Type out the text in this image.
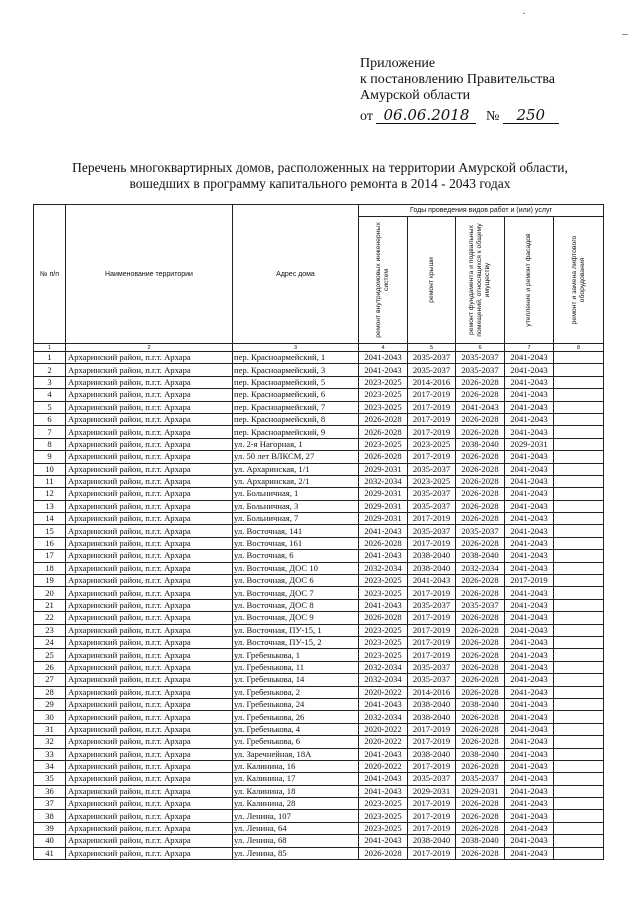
·
–
Приложение
к постановлению Правительства
Амурской области
от 06.06.2018 № 250
Перечень многоквартирных домов, расположенных на территории Амурской области,
вошедших в программу капитального ремонта в 2014 - 2043 годах
№ п/п	Наименование территории	Адрес дома	Годы проведения видов работ и (или) услуг				

			ремонт внутридомовых инженерных систем	ремонт крыши	ремонт фундамента и подвальных помещений, относящихся к общему имуществу	утепление и ремонт фасадов	ремонт и замена лифтового оборудования

1	2	3	4	5	6	7	8
1	Архаринский район, п.г.т. Архара	пер. Красноармейский, 1	2041-2043	2035-2037	2035-2037	2041-2043	
2	Архаринский район, п.г.т. Архара	пер. Красноармейский, 3	2041-2043	2035-2037	2035-2037	2041-2043	
3	Архаринский район, п.г.т. Архара	пер. Красноармейский, 5	2023-2025	2014-2016	2026-2028	2041-2043	
4	Архаринский район, п.г.т. Архара	пер. Красноармейский, 6	2023-2025	2017-2019	2026-2028	2041-2043	
5	Архаринский район, п.г.т. Архара	пер. Красноармейский, 7	2023-2025	2017-2019	2041-2043	2041-2043	
6	Архаринский район, п.г.т. Архара	пер. Красноармейский, 8	2026-2028	2017-2019	2026-2028	2041-2043	
7	Архаринский район, п.г.т. Архара	пер. Красноармейский, 9	2026-2028	2017-2019	2026-2028	2041-2043	
8	Архаринский район, п.г.т. Архара	ул. 2-я Нагорная, 1	2023-2025	2023-2025	2038-2040	2029-2031	
9	Архаринский район, п.г.т. Архара	ул. 50 лет ВЛКСМ, 27	2026-2028	2017-2019	2026-2028	2041-2043	
10	Архаринский район, п.г.т. Архара	ул. Архаринская, 1/1	2029-2031	2035-2037	2026-2028	2041-2043	
11	Архаринский район, п.г.т. Архара	ул. Архаринская, 2/1	2032-2034	2023-2025	2026-2028	2041-2043	
12	Архаринский район, п.г.т. Архара	ул. Больничная, 1	2029-2031	2035-2037	2026-2028	2041-2043	
13	Архаринский район, п.г.т. Архара	ул. Больничная, 3	2029-2031	2035-2037	2026-2028	2041-2043	
14	Архаринский район, п.г.т. Архара	ул. Больничная, 7	2029-2031	2017-2019	2026-2028	2041-2043	
15	Архаринский район, п.г.т. Архара	ул. Восточная, 141	2041-2043	2035-2037	2035-2037	2041-2043	
16	Архаринский район, п.г.т. Архара	ул. Восточная, 161	2026-2028	2017-2019	2026-2028	2041-2043	
17	Архаринский район, п.г.т. Архара	ул. Восточная, 6	2041-2043	2038-2040	2038-2040	2041-2043	
18	Архаринский район, п.г.т. Архара	ул. Восточная, ДОС 10	2032-2034	2038-2040	2032-2034	2041-2043	
19	Архаринский район, п.г.т. Архара	ул. Восточная, ДОС 6	2023-2025	2041-2043	2026-2028	2017-2019	
20	Архаринский район, п.г.т. Архара	ул. Восточная, ДОС 7	2023-2025	2017-2019	2026-2028	2041-2043	
21	Архаринский район, п.г.т. Архара	ул. Восточная, ДОС 8	2041-2043	2035-2037	2035-2037	2041-2043	
22	Архаринский район, п.г.т. Архара	ул. Восточная, ДОС 9	2026-2028	2017-2019	2026-2028	2041-2043	
23	Архаринский район, п.г.т. Архара	ул. Восточная, ПУ-15, 1	2023-2025	2017-2019	2026-2028	2041-2043	
24	Архаринский район, п.г.т. Архара	ул. Восточная, ПУ-15, 2	2023-2025	2017-2019	2026-2028	2041-2043	
25	Архаринский район, п.г.т. Архара	ул. Гребенькова, 1	2023-2025	2017-2019	2026-2028	2041-2043	
26	Архаринский район, п.г.т. Архара	ул. Гребенькова, 11	2032-2034	2035-2037	2026-2028	2041-2043	
27	Архаринский район, п.г.т. Архара	ул. Гребенькова, 14	2032-2034	2035-2037	2026-2028	2041-2043	
28	Архаринский район, п.г.т. Архара	ул. Гребенькова, 2	2020-2022	2014-2016	2026-2028	2041-2043	
29	Архаринский район, п.г.т. Архара	ул. Гребенькова, 24	2041-2043	2038-2040	2038-2040	2041-2043	
30	Архаринский район, п.г.т. Архара	ул. Гребенькова, 26	2032-2034	2038-2040	2026-2028	2041-2043	
31	Архаринский район, п.г.т. Архара	ул. Гребенькова, 4	2020-2022	2017-2019	2026-2028	2041-2043	
32	Архаринский район, п.г.т. Архара	ул. Гребенькова, 6	2020-2022	2017-2019	2026-2028	2041-2043	
33	Архаринский район, п.г.т. Архара	ул. Заречнейная, 18А	2041-2043	2038-2040	2038-2040	2041-2043	
34	Архаринский район, п.г.т. Архара	ул. Калинина, 16	2020-2022	2017-2019	2026-2028	2041-2043	
35	Архаринский район, п.г.т. Архара	ул. Калинина, 17	2041-2043	2035-2037	2035-2037	2041-2043	
36	Архаринский район, п.г.т. Архара	ул. Калинина, 18	2041-2043	2029-2031	2029-2031	2041-2043	
37	Архаринский район, п.г.т. Архара	ул. Калинина, 28	2023-2025	2017-2019	2026-2028	2041-2043	
38	Архаринский район, п.г.т. Архара	ул. Ленина, 107	2023-2025	2017-2019	2026-2028	2041-2043	
39	Архаринский район, п.г.т. Архара	ул. Ленина, 64	2023-2025	2017-2019	2026-2028	2041-2043	
40	Архаринский район, п.г.т. Архара	ул. Ленина, 68	2041-2043	2038-2040	2038-2040	2041-2043	
41	Архаринский район, п.г.т. Архара	ул. Ленина, 85	2026-2028	2017-2019	2026-2028	2041-2043	
